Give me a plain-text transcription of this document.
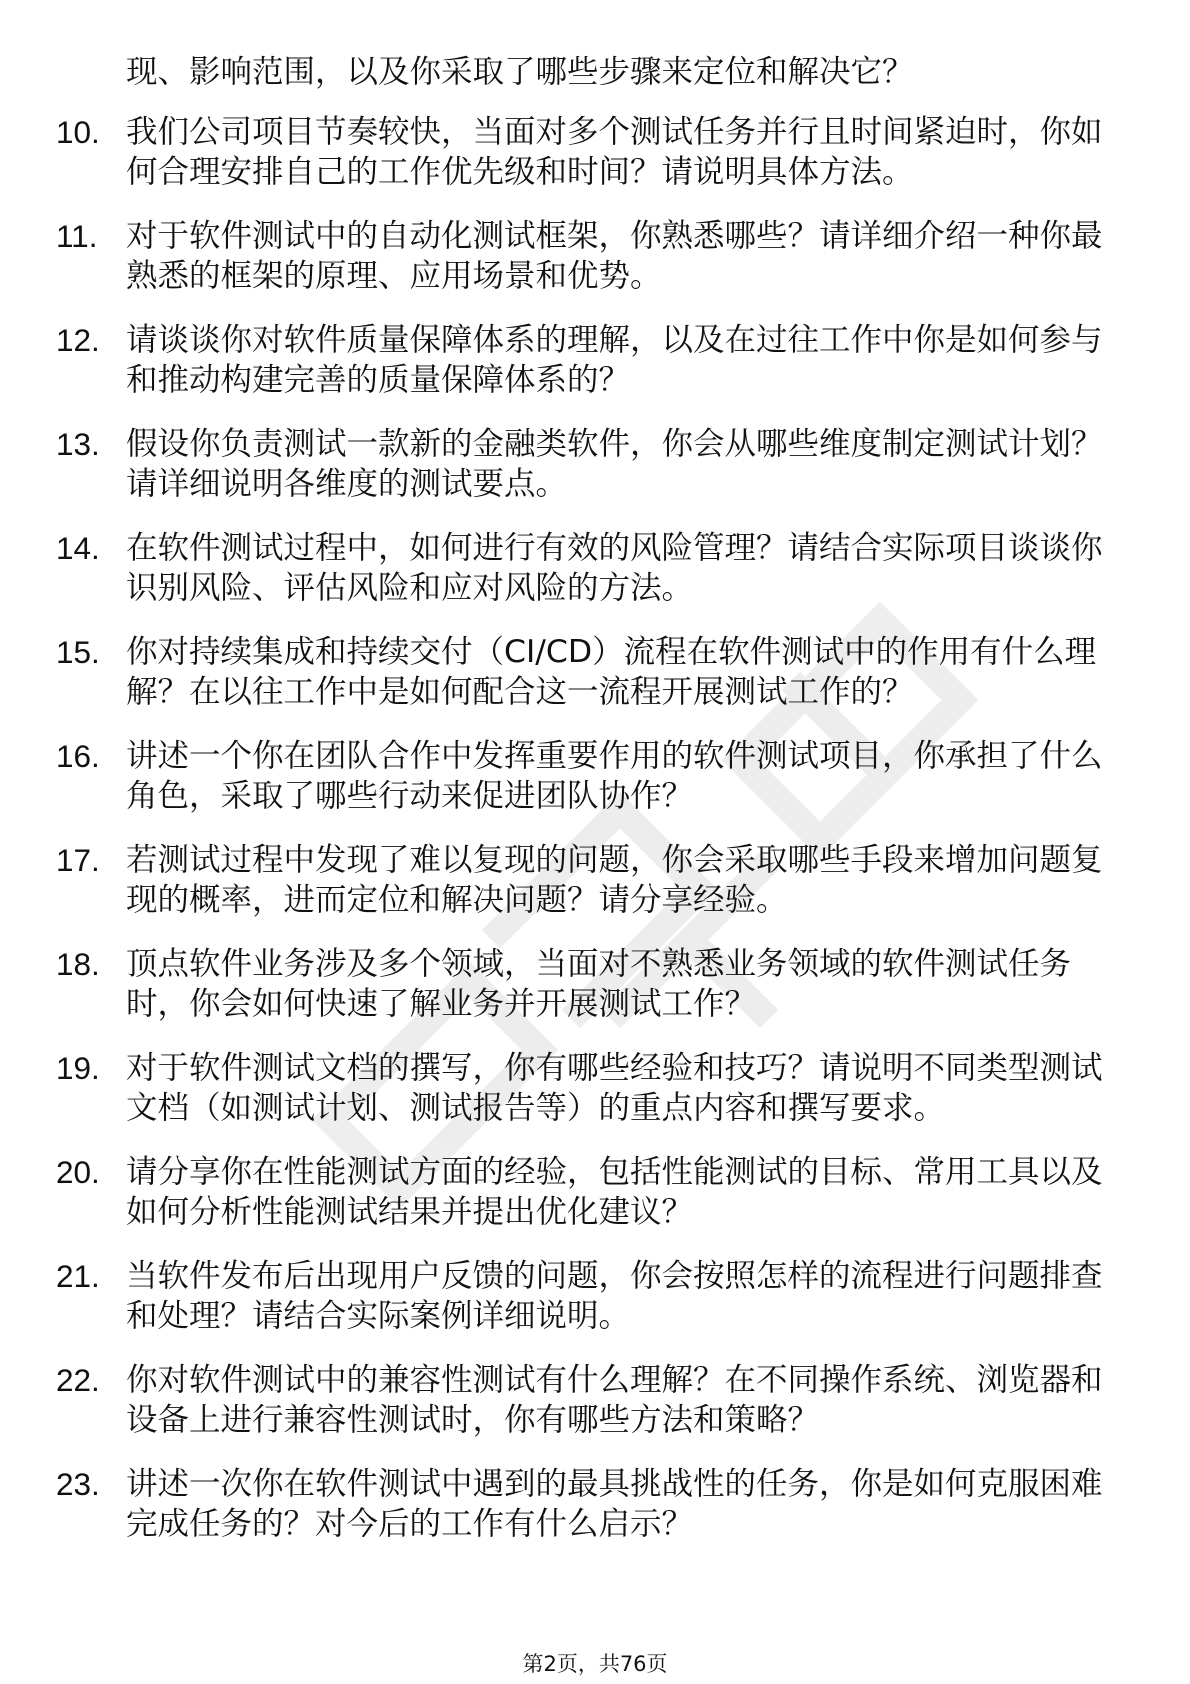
现、影响范围，以及你采取了哪些步骤来定位和解决它？
10. 我们公司项目节奏较快，当面对多个测试任务并行且时间紧迫时，你如何合理安排自己的工作优先级和时间？请说明具体方法。
11. 对于软件测试中的自动化测试框架，你熟悉哪些？请详细介绍一种你最熟悉的框架的原理、应用场景和优势。
12. 请谈谈你对软件质量保障体系的理解，以及在过往工作中你是如何参与和推动构建完善的质量保障体系的？
13. 假设你负责测试一款新的金融类软件，你会从哪些维度制定测试计划？请详细说明各维度的测试要点。
14. 在软件测试过程中，如何进行有效的风险管理？请结合实际项目谈谈你识别风险、评估风险和应对风险的方法。
15. 你对持续集成和持续交付（CI/CD）流程在软件测试中的作用有什么理解？在以往工作中是如何配合这一流程开展测试工作的？
16. 讲述一个你在团队合作中发挥重要作用的软件测试项目，你承担了什么角色，采取了哪些行动来促进团队协作？
17. 若测试过程中发现了难以复现的问题，你会采取哪些手段来增加问题复现的概率，进而定位和解决问题？请分享经验。
18. 顶点软件业务涉及多个领域，当面对不熟悉业务领域的软件测试任务时，你会如何快速了解业务并开展测试工作？
19. 对于软件测试文档的撰写，你有哪些经验和技巧？请说明不同类型测试文档（如测试计划、测试报告等）的重点内容和撰写要求。
20. 请分享你在性能测试方面的经验，包括性能测试的目标、常用工具以及如何分析性能测试结果并提出优化建议？
21. 当软件发布后出现用户反馈的问题，你会按照怎样的流程进行问题排查和处理？请结合实际案例详细说明。
22. 你对软件测试中的兼容性测试有什么理解？在不同操作系统、浏览器和设备上进行兼容性测试时，你有哪些方法和策略？
23. 讲述一次你在软件测试中遇到的最具挑战性的任务，你是如何克服困难完成任务的？对今后的工作有什么启示？
第2页，共76页
